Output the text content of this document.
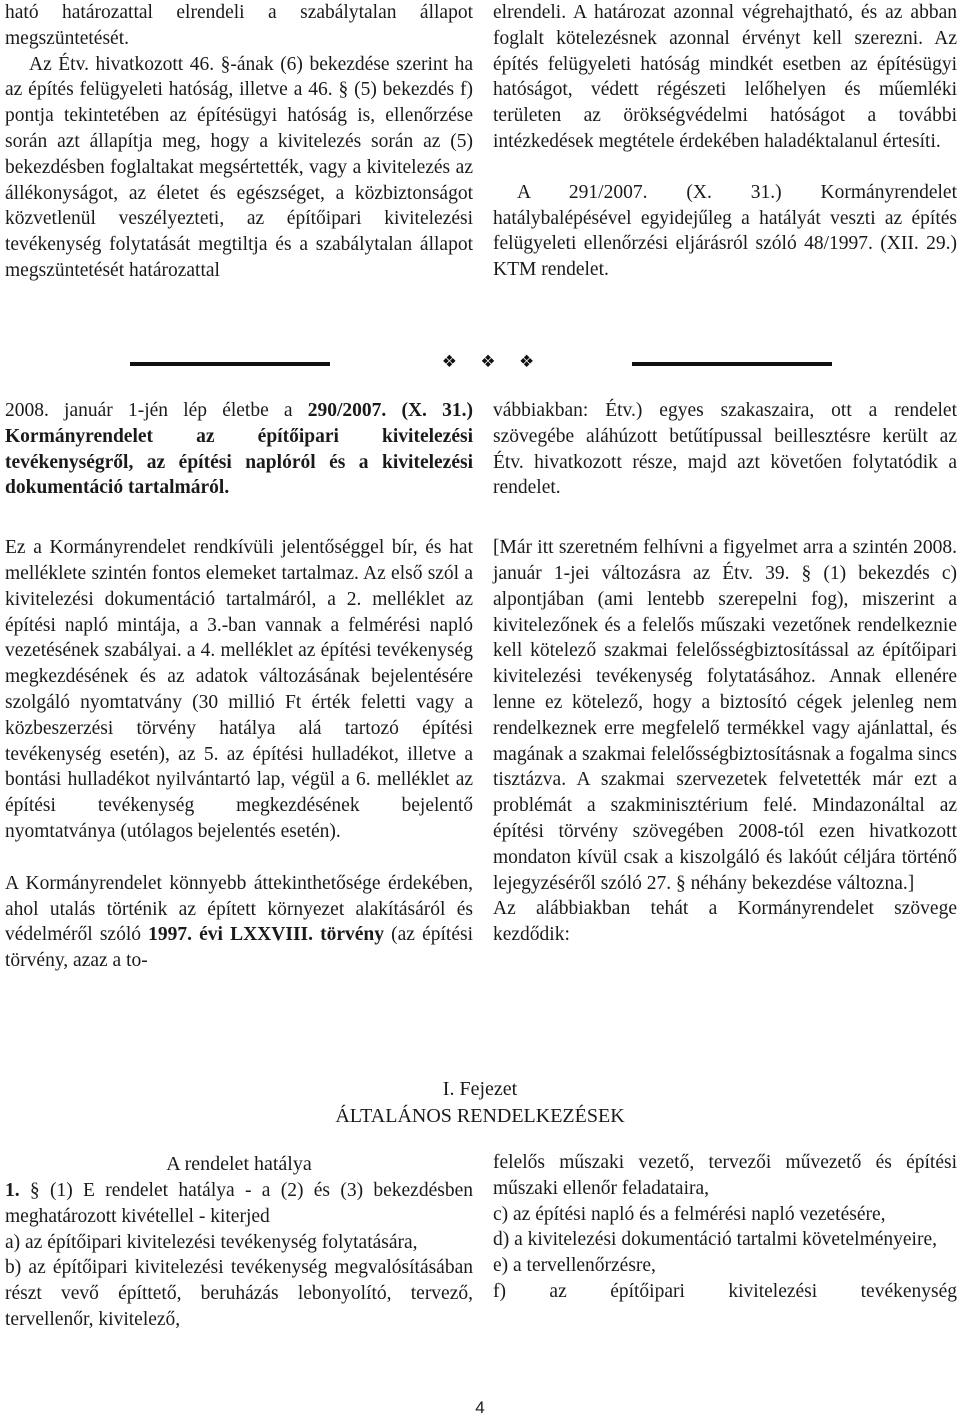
ható határozattal elrendeli a szabálytalan állapot megszüntetését.

Az Étv. hivatkozott 46. §-ának (6) bekezdése szerint ha az építés felügyeleti hatóság, illetve a 46. § (5) bekezdés f) pontja tekintetében az építésügyi hatóság is, ellenőrzése során azt állapítja meg, hogy a kivitelezés során az (5) bekezdésben foglaltakat megsértették, vagy a kivitelezés az állékonyságot, az életet és egészséget, a közbiztonságot közvetlenül veszélyezteti, az építőipari kivitelezési tevékenység folytatását megtiltja és a szabálytalan állapot megszüntetését határozattal

elrendeli. A határozat azonnal végrehajtható, és az abban foglalt kötelezésnek azonnal érvényt kell szerezni. Az építés felügyeleti hatóság mindkét esetben az építésügyi hatóságot, védett régészeti lelőhelyen és műemléki területen az örökségvédelmi hatóságot a további intézkedések megtétele érdekében haladéktalanul értesíti.

A 291/2007. (X. 31.) Kormányrendelet hatálybalépésével egyidejűleg a hatályát veszti az építés felügyeleti ellenőrzési eljárásról szóló 48/1997. (XII. 29.) KTM rendelet.

❖ ❖ ❖

2008. január 1-jén lép életbe a 290/2007. (X. 31.) Kormányrendelet az építőipari kivitelezési tevékenységről, az építési naplóról és a kivitelezési dokumentáció tartalmáról.

Ez a Kormányrendelet rendkívüli jelentőséggel bír, és hat melléklete szintén fontos elemeket tartalmaz. Az első szól a kivitelezési dokumentáció tartalmáról, a 2. melléklet az építési napló mintája, a 3.-ban vannak a felmérési napló vezetésének szabályai. a 4. melléklet az építési tevékenység megkezdésének és az adatok változásának bejelentésére szolgáló nyomtatvány (30 millió Ft érték feletti vagy a közbeszerzési törvény hatálya alá tartozó építési tevékenység esetén), az 5. az építési hulladékot, illetve a bontási hulladékot nyilvántartó lap, végül a 6. melléklet az építési tevékenység megkezdésének bejelentő nyomtatványa (utólagos bejelentés esetén).

A Kormányrendelet könnyebb áttekinthetősége érdekében, ahol utalás történik az épített környezet alakításáról és védelméről szóló 1997. évi LXXVIII. törvény (az építési törvény, azaz a to-

vábbiakban: Étv.) egyes szakaszaira, ott a rendelet szövegébe aláhúzott betűtípussal beillesztésre került az Étv. hivatkozott része, majd azt követően folytatódik a rendelet.

[Már itt szeretném felhívni a figyelmet arra a szintén 2008. január 1-jei változásra az Étv. 39. § (1) bekezdés c) alpontjában (ami lentebb szerepelni fog), miszerint a kivitelezőnek és a felelős műszaki vezetőnek rendelkeznie kell kötelező szakmai felelősségbiztosítással az építőipari kivitelezési tevékenység folytatásához. Annak ellenére lenne ez kötelező, hogy a biztosító cégek jelenleg nem rendelkeznek erre megfelelő termékkel vagy ajánlattal, és magának a szakmai felelősségbiztosításnak a fogalma sincs tisztázva. A szakmai szervezetek felvetették már ezt a problémát a szakminisztérium felé. Mindazonáltal az építési törvény szövegében 2008-tól ezen hivatkozott mondaton kívül csak a kiszolgáló és lakóút céljára történő lejegyzéséről szóló 27. § néhány bekezdése változna.]

Az alábbiakban tehát a Kormányrendelet szövege kezdődik:

I. Fejezet
ÁLTALÁNOS RENDELKEZÉSEK

A rendelet hatálya

1. § (1) E rendelet hatálya - a (2) és (3) bekezdésben meghatározott kivétellel - kiterjed

a) az építőipari kivitelezési tevékenység folytatására,

b) az építőipari kivitelezési tevékenység megvalósításában részt vevő építtető, beruházás lebonyolító, tervező, tervellenőr, kivitelező,

felelős műszaki vezető, tervezői művezető és építési műszaki ellenőr feladataira,

c) az építési napló és a felmérési napló vezetésére,

d) a kivitelezési dokumentáció tartalmi követelményeire,

e) a tervellenőrzésre,

f) az építőipari kivitelezési tevékenység

4
